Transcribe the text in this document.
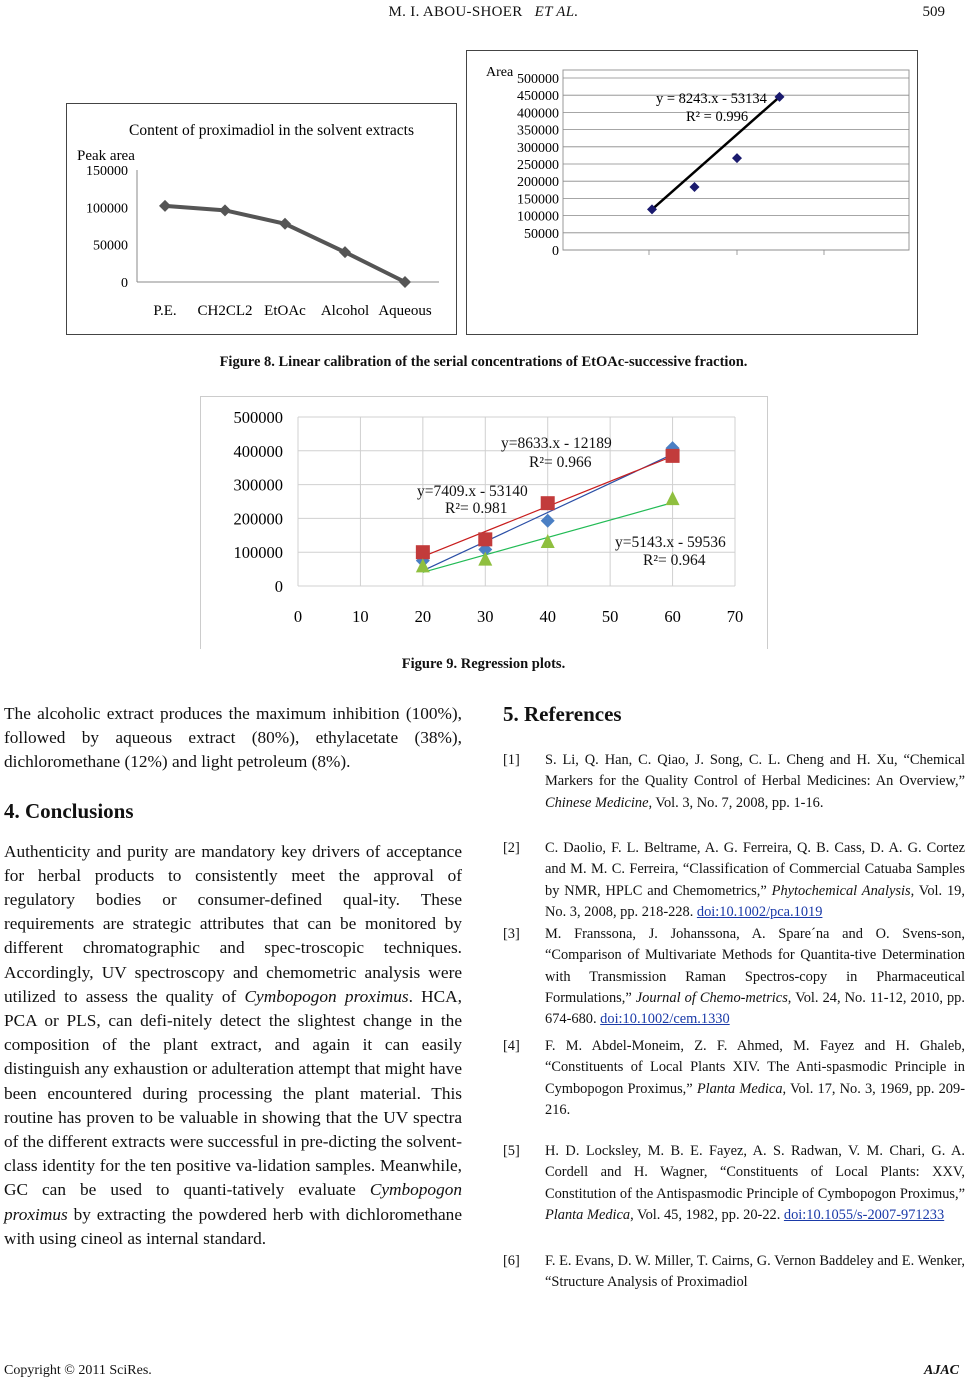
M. I. ABOU-SHOER ET AL.	509
Content of proximadiol in the solvent extracts
Peak area
150000
100000
50000
0
P.E. CH2CL2 EtOAc Alcohol Aqueous
Area 500000
450000
400000
350000
300000
250000
200000
150000
100000
50000
0
y = 8243.x - 53134
R² = 0.996
Figure 8. Linear calibration of the serial concentrations of EtOAc-successive fraction.
500000
400000
300000
200000
100000
0
0	10	20	30	40	50	60	70
y=8633.x - 12189
R²= 0.966
y=7409.x - 53140
R²= 0.981
y=5143.x - 59536
R²= 0.964
Figure 9. Regression plots.

The alcoholic extract produces the maximum inhibition (100%), followed by aqueous extract (80%), ethylacetate (38%), dichloromethane (12%) and light petroleum (8%).

4. Conclusions

Authenticity and purity are mandatory key drivers of acceptance for herbal products to consistently meet the approval of regulatory bodies or consumer-defined qual-ity. These requirements are strategic attributes that can be monitored by different chromatographic and spec-troscopic techniques. Accordingly, UV spectroscopy and chemometric analysis were utilized to assess the quality of Cymbopogon proximus. HCA, PCA or PLS, can defi-nitely detect the slightest change in the composition of the plant extract, and again it can easily distinguish any exhaustion or adulteration attempt that might have been encountered during processing the plant material. This routine has proven to be valuable in showing that the UV spectra of the different extracts were successful in pre-dicting the solvent-class identity for the ten positive va-lidation samples. Meanwhile, GC can be used to quanti-tatively evaluate Cymbopogon proximus by extracting the powdered herb with dichloromethane with using cineol as internal standard.

5. References

[1]	S. Li, Q. Han, C. Qiao, J. Song, C. L. Cheng and H. Xu, “Chemical Markers for the Quality Control of Herbal Medicines: An Overview,” Chinese Medicine, Vol. 3, No. 7, 2008, pp. 1-16.
[2]	C. Daolio, F. L. Beltrame, A. G. Ferreira, Q. B. Cass, D. A. G. Cortez and M. M. C. Ferreira, “Classification of Commercial Catuaba Samples by NMR, HPLC and Chemometrics,” Phytochemical Analysis, Vol. 19, No. 3, 2008, pp. 218-228. doi:10.1002/pca.1019
[3]	M. Franssona, J. Johanssona, A. Spare´na and O. Svens-son, “Comparison of Multivariate Methods for Quantita-tive Determination with Transmission Raman Spectros-copy in Pharmaceutical Formulations,” Journal of Chemo-metrics, Vol. 24, No. 11-12, 2010, pp. 674-680. doi:10.1002/cem.1330
[4]	F. M. Abdel-Moneim, Z. F. Ahmed, M. Fayez and H. Ghaleb, “Constituents of Local Plants XIV. The Anti-spasmodic Principle in Cymbopogon Proximus,” Planta Medica, Vol. 17, No. 3, 1969, pp. 209-216.
[5]	H. D. Locksley, M. B. E. Fayez, A. S. Radwan, V. M. Chari, G. A. Cordell and H. Wagner, “Constituents of Local Plants: XXV, Constitution of the Antispasmodic Principle of Cymbopogon Proximus,” Planta Medica, Vol. 45, 1982, pp. 20-22. doi:10.1055/s-2007-971233
[6]	F. E. Evans, D. W. Miller, T. Cairns, G. Vernon Baddeley and E. Wenker, “Structure Analysis of Proximadiol
Copyright © 2011 SciRes.	AJAC
